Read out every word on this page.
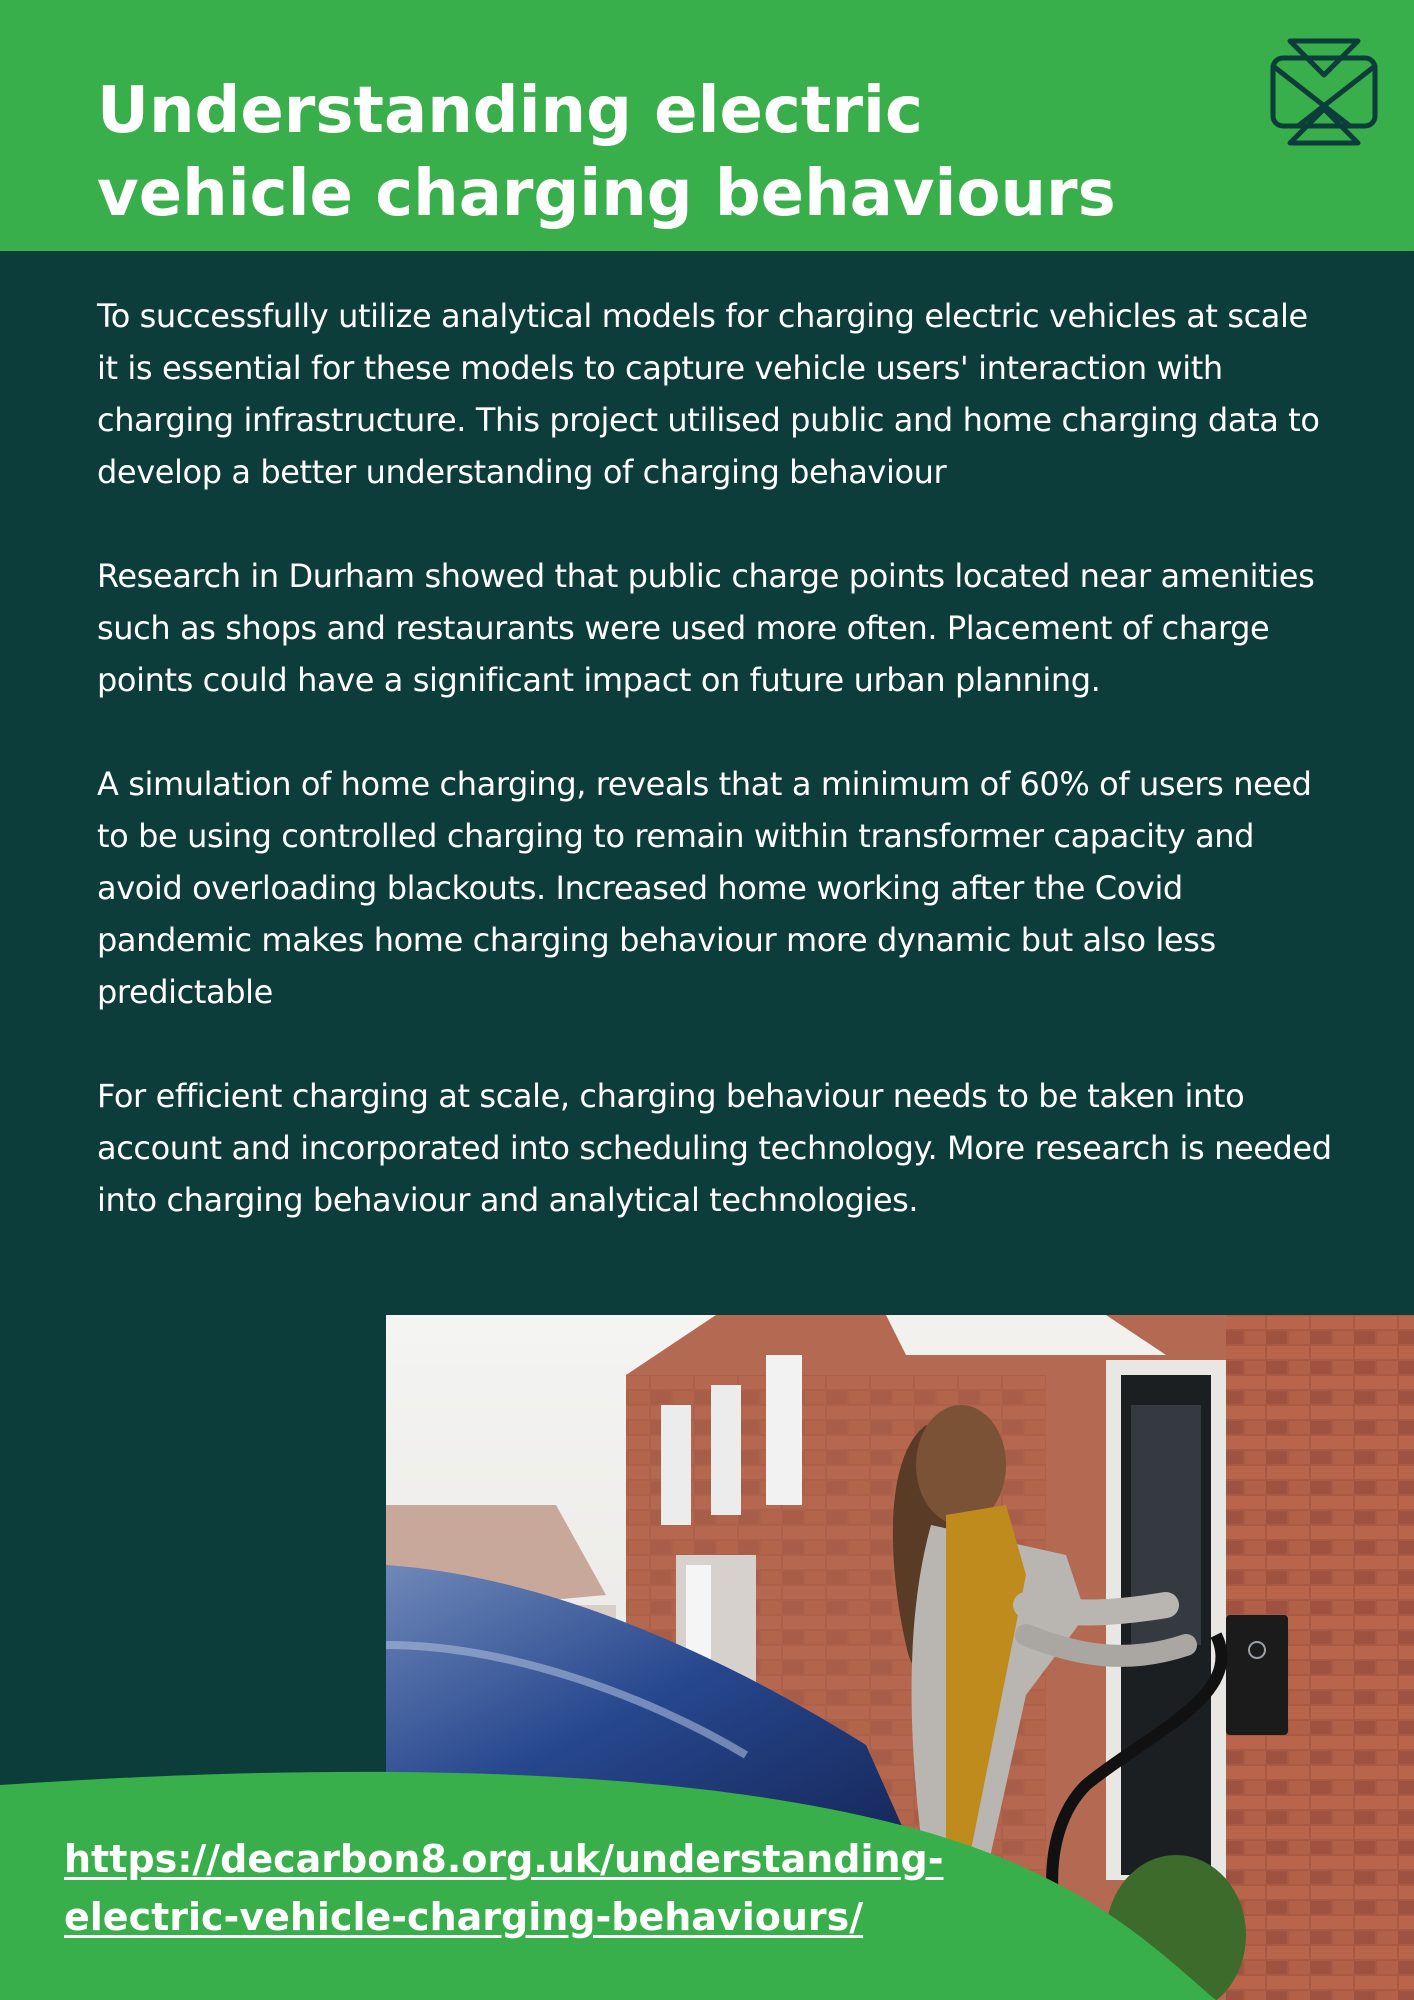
Understanding electric vehicle charging behaviours

To successfully utilize analytical models for charging electric vehicles at scale it is essential for these models to capture vehicle users' interaction with charging infrastructure. This project utilised public and home charging data to develop a better understanding of charging behaviour

Research in Durham showed that public charge points located near amenities such as shops and restaurants were used more often. Placement of charge points could have a significant impact on future urban planning.

A simulation of home charging, reveals that a minimum of 60% of users need to be using controlled charging to remain within transformer capacity and avoid overloading blackouts. Increased home working after the Covid pandemic makes home charging behaviour more dynamic but also less predictable

For efficient charging at scale, charging behaviour needs to be taken into account and incorporated into scheduling technology. More research is needed into charging behaviour and analytical technologies.

https://decarbon8.org.uk/understanding-
electric-vehicle-charging-behaviours/
